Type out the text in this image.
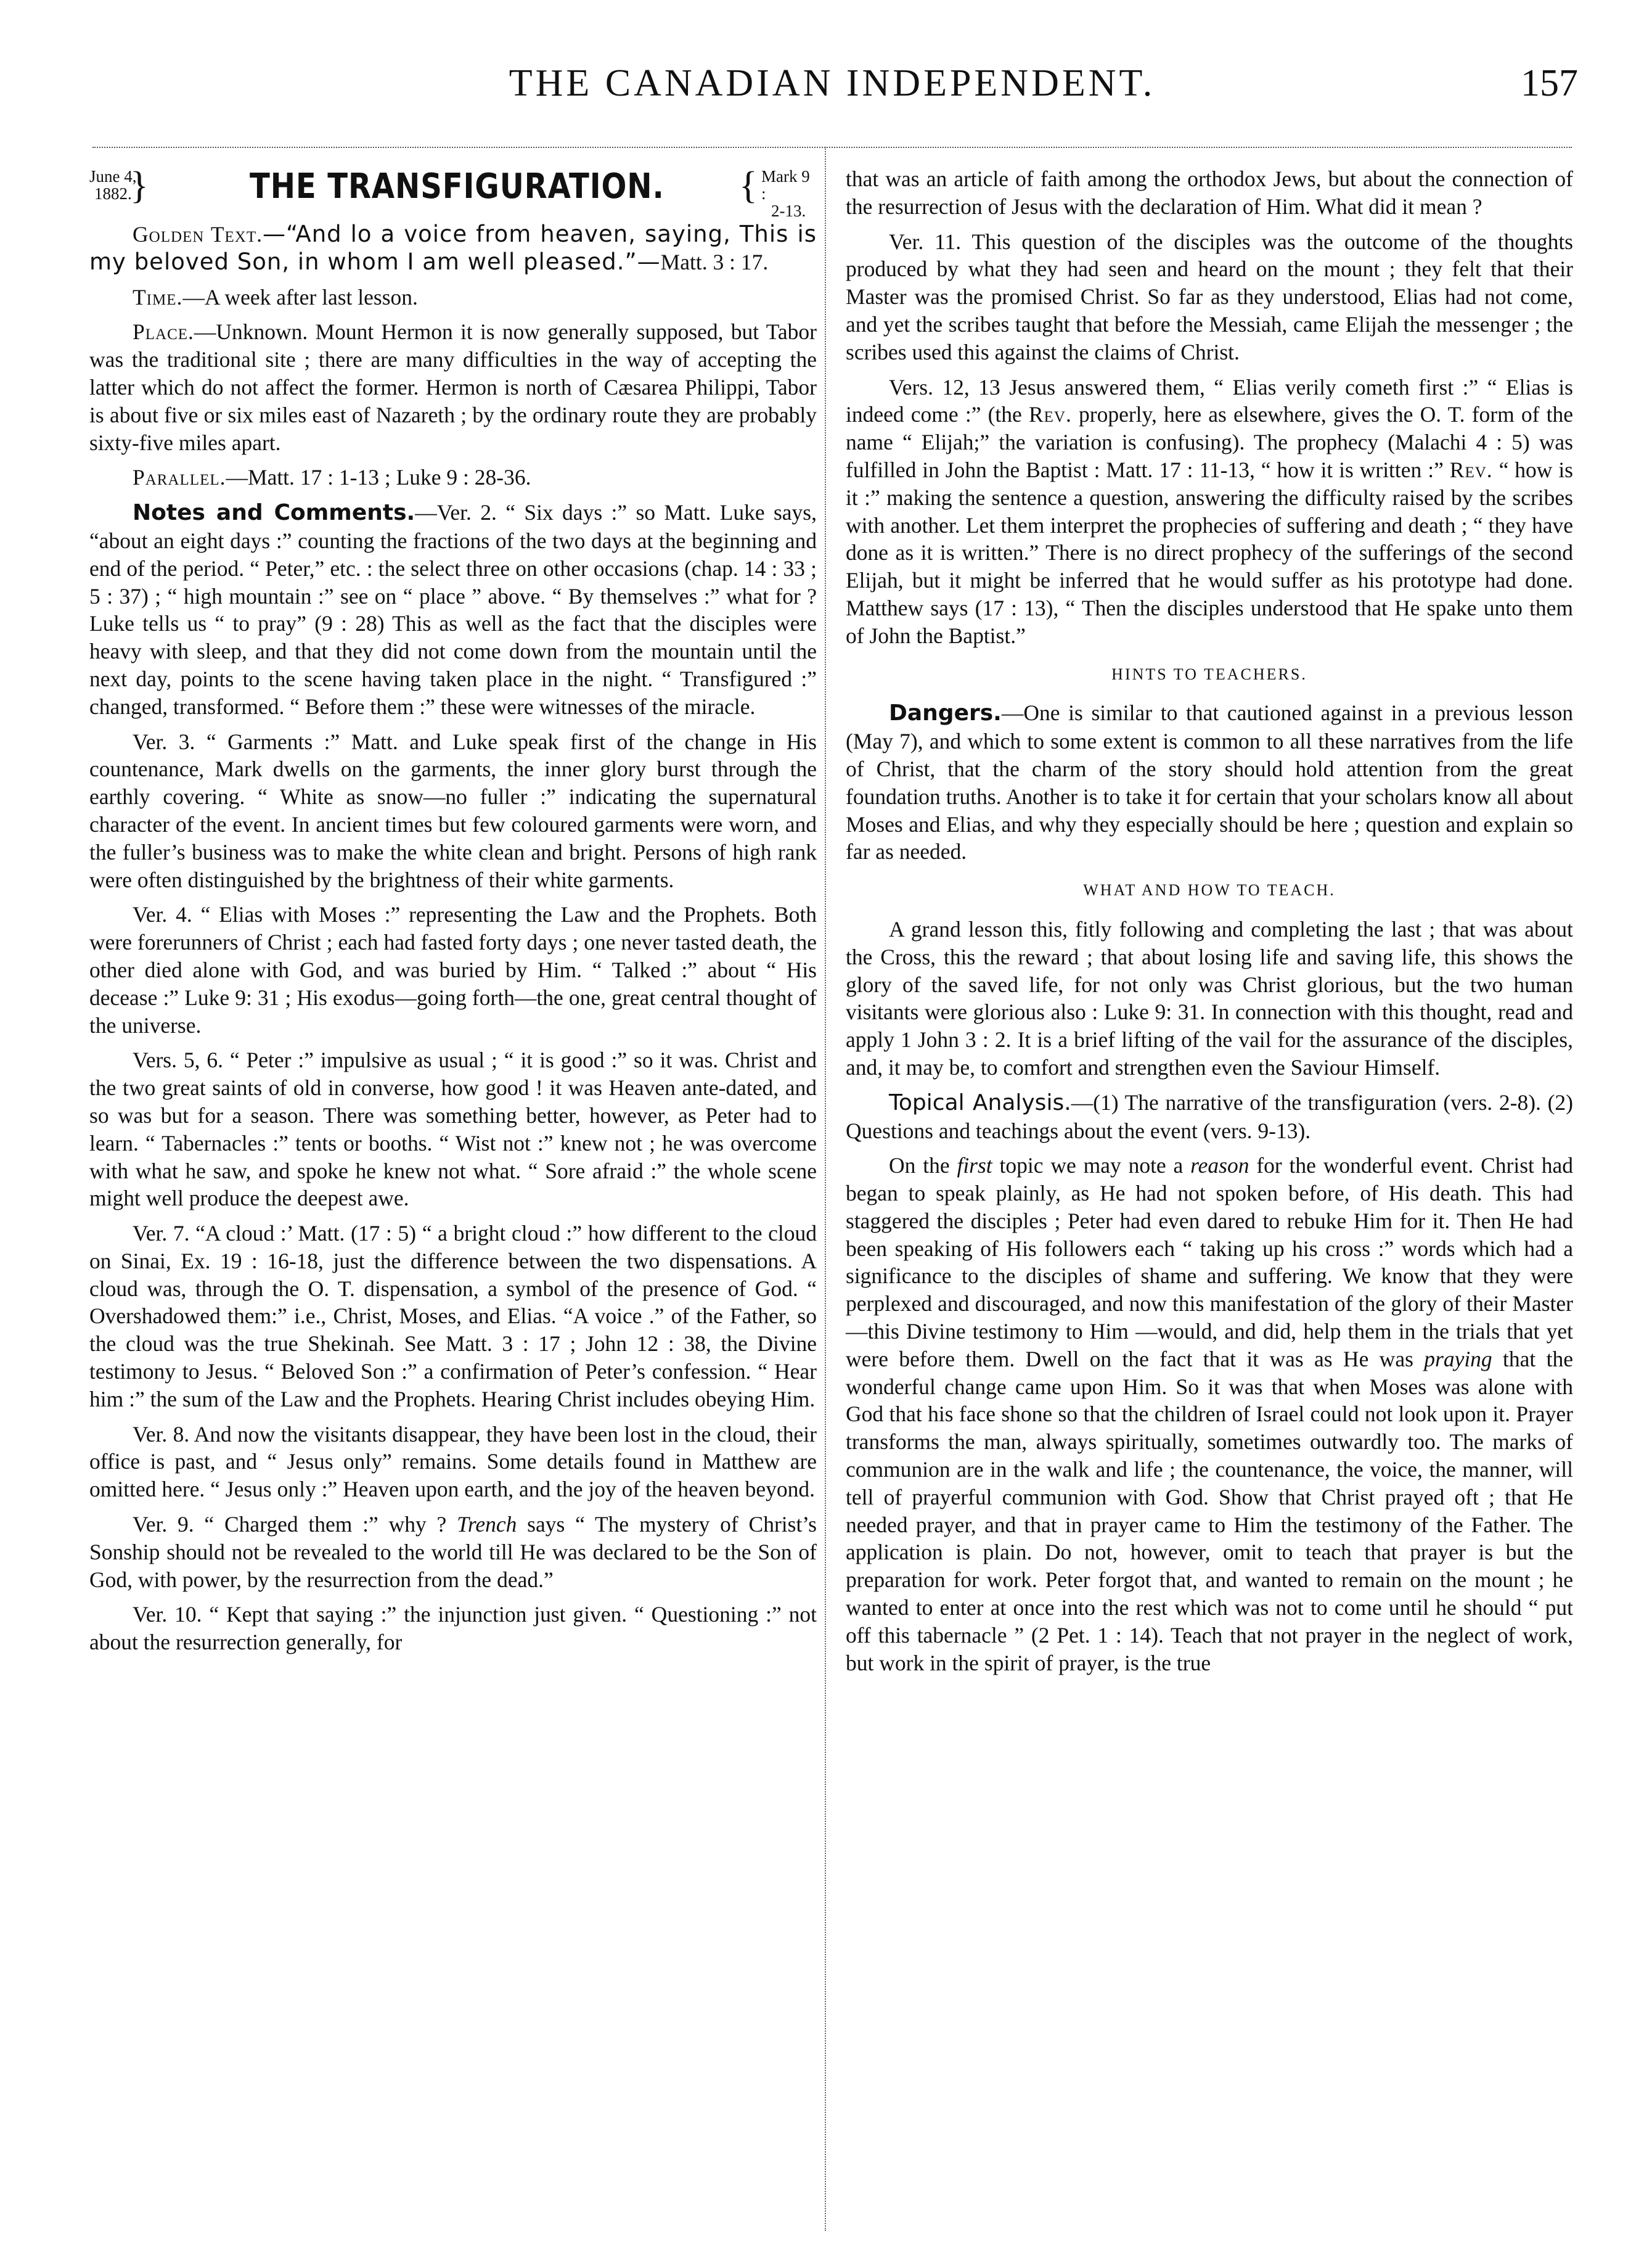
THE CANADIAN INDEPENDENT.	157
June 4,
1882.
}	THE TRANSFIGURATION. { Mark 9 :
2-13.

Golden Text.—“And lo a voice from heaven, saying, This is my beloved Son, in whom I am well pleased.”—Matt. 3 : 17.

Time.—A week after last lesson.

Place.—Unknown. Mount Hermon it is now generally supposed, but Tabor was the traditional site ; there are many difficulties in the way of accepting the latter which do not affect the former. Hermon is north of Cæsarea Philippi, Tabor is about five or six miles east of Nazareth ; by the ordinary route they are probably sixty-five miles apart.

Parallel.—Matt. 17 : 1-13 ; Luke 9 : 28-36.

Notes and Comments.—Ver. 2. “ Six days :” so Matt. Luke says, “about an eight days :” counting the fractions of the two days at the beginning and end of the period. “ Peter,” etc. : the select three on other occasions (chap. 14 : 33 ; 5 : 37) ; “ high mountain :” see on “ place ” above. “ By themselves :” what for ? Luke tells us “ to pray” (9 : 28) This as well as the fact that the disciples were heavy with sleep, and that they did not come down from the mountain until the next day, points to the scene having taken place in the night. “ Transfigured :” changed, transformed. “ Before them :” these were witnesses of the miracle.

Ver. 3. “ Garments :” Matt. and Luke speak first of the change in His countenance, Mark dwells on the garments, the inner glory burst through the earthly covering. “ White as snow—no fuller :” indicating the supernatural character of the event. In ancient times but few coloured garments were worn, and the fuller’s business was to make the white clean and bright. Persons of high rank were often distinguished by the brightness of their white garments.

Ver. 4. “ Elias with Moses :” representing the Law and the Prophets. Both were forerunners of Christ ; each had fasted forty days ; one never tasted death, the other died alone with God, and was buried by Him. “ Talked :” about “ His decease :” Luke 9: 31 ; His exodus—going forth—the one, great central thought of the universe.

Vers. 5, 6. “ Peter :” impulsive as usual ; “ it is good :” so it was. Christ and the two great saints of old in converse, how good ! it was Heaven ante-dated, and so was but for a season. There was something better, however, as Peter had to learn. “ Tabernacles :” tents or booths. “ Wist not :” knew not ; he was overcome with what he saw, and spoke he knew not what. “ Sore afraid :” the whole scene might well produce the deepest awe.

Ver. 7. “A cloud :’ Matt. (17 : 5) “ a bright cloud :” how different to the cloud on Sinai, Ex. 19 : 16-18, just the difference between the two dispensations. A cloud was, through the O. T. dispensation, a symbol of the presence of God. “ Overshadowed them:” i.e., Christ, Moses, and Elias. “A voice .” of the Father, so the cloud was the true Shekinah. See Matt. 3 : 17 ; John 12 : 38, the Divine testimony to Jesus. “ Beloved Son :” a confirmation of Peter’s confession. “ Hear him :” the sum of the Law and the Prophets. Hearing Christ includes obeying Him.

Ver. 8. And now the visitants disappear, they have been lost in the cloud, their office is past, and “ Jesus only” remains. Some details found in Matthew are omitted here. “ Jesus only :” Heaven upon earth, and the joy of the heaven beyond.

Ver. 9. “ Charged them :” why ? Trench says “ The mystery of Christ’s Sonship should not be revealed to the world till He was declared to be the Son of God, with power, by the resurrection from the dead.”

Ver. 10. “ Kept that saying :” the injunction just given. “ Questioning :” not about the resurrection generally, for

that was an article of faith among the orthodox Jews, but about the connection of the resurrection of Jesus with the declaration of Him. What did it mean ?

Ver. 11. This question of the disciples was the outcome of the thoughts produced by what they had seen and heard on the mount ; they felt that their Master was the promised Christ. So far as they understood, Elias had not come, and yet the scribes taught that before the Messiah, came Elijah the messenger ; the scribes used this against the claims of Christ.

Vers. 12, 13 Jesus answered them, “ Elias verily cometh first :” “ Elias is indeed come :” (the Rev. properly, here as elsewhere, gives the O. T. form of the name “ Elijah;” the variation is confusing). The prophecy (Malachi 4 : 5) was fulfilled in John the Baptist : Matt. 17 : 11-13, “ how it is written :” Rev. “ how is it :” making the sentence a question, answering the difficulty raised by the scribes with another. Let them interpret the prophecies of suffering and death ; “ they have done as it is written.” There is no direct prophecy of the sufferings of the second Elijah, but it might be inferred that he would suffer as his prototype had done. Matthew says (17 : 13), “ Then the disciples understood that He spake unto them of John the Baptist.”

HINTS TO TEACHERS.

Dangers.—One is similar to that cautioned against in a previous lesson (May 7), and which to some extent is common to all these narratives from the life of Christ, that the charm of the story should hold attention from the great foundation truths. Another is to take it for certain that your scholars know all about Moses and Elias, and why they especially should be here ; question and explain so far as needed.

WHAT AND HOW TO TEACH.

A grand lesson this, fitly following and completing the last ; that was about the Cross, this the reward ; that about losing life and saving life, this shows the glory of the saved life, for not only was Christ glorious, but the two human visitants were glorious also : Luke 9: 31. In connection with this thought, read and apply 1 John 3 : 2. It is a brief lifting of the vail for the assurance of the disciples, and, it may be, to comfort and strengthen even the Saviour Himself.

Topical Analysis.—(1) The narrative of the transfiguration (vers. 2-8). (2) Questions and teachings about the event (vers. 9-13).

On the first topic we may note a reason for the wonderful event. Christ had began to speak plainly, as He had not spoken before, of His death. This had staggered the disciples ; Peter had even dared to rebuke Him for it. Then He had been speaking of His followers each “ taking up his cross :” words which had a significance to the disciples of shame and suffering. We know that they were perplexed and discouraged, and now this manifestation of the glory of their Master—this Divine testimony to Him —would, and did, help them in the trials that yet were before them. Dwell on the fact that it was as He was praying that the wonderful change came upon Him. So it was that when Moses was alone with God that his face shone so that the children of Israel could not look upon it. Prayer transforms the man, always spiritually, sometimes outwardly too. The marks of communion are in the walk and life ; the countenance, the voice, the manner, will tell of prayerful communion with God. Show that Christ prayed oft ; that He needed prayer, and that in prayer came to Him the testimony of the Father. The application is plain. Do not, however, omit to teach that prayer is but the preparation for work. Peter forgot that, and wanted to remain on the mount ; he wanted to enter at once into the rest which was not to come until he should “ put off this tabernacle ” (2 Pet. 1 : 14). Teach that not prayer in the neglect of work, but work in the spirit of prayer, is the true
